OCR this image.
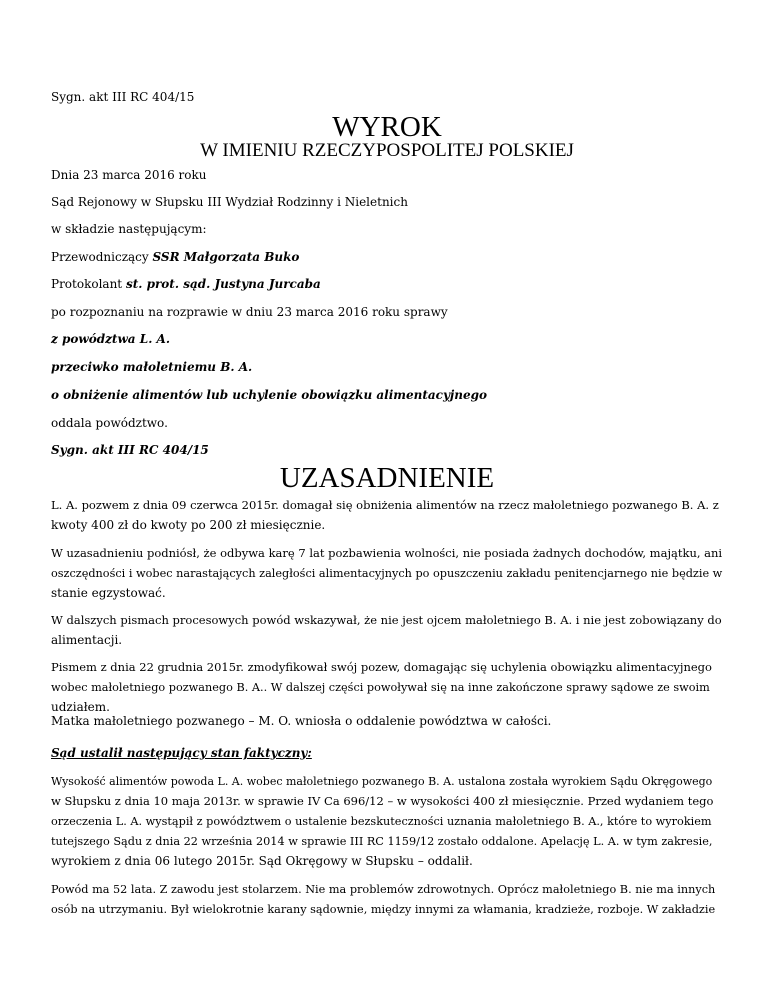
Sygn. akt III RC 404/15
WYROK
W IMIENIU RZECZYPOSPOLITEJ POLSKIEJ
Dnia 23 marca 2016 roku
Sąd Rejonowy w Słupsku III Wydział Rodzinny i Nieletnich
w składzie następującym:
Przewodniczący SSR Małgorzata Buko
Protokolant st. prot. sąd. Justyna Jurcaba
po rozpoznaniu na rozprawie w dniu 23 marca 2016 roku sprawy
z powództwa L. A.
przeciwko małoletniemu B. A.
o obniżenie alimentów lub uchylenie obowiązku alimentacyjnego
oddala powództwo.
Sygn. akt III RC 404/15
UZASADNIENIE
L. A. pozwem z dnia 09 czerwca 2015r. domagał się obniżenia alimentów na rzecz małoletniego pozwanego B. A. z
kwoty 400 zł do kwoty po 200 zł miesięcznie.
W uzasadnieniu podniósł, że odbywa karę 7 lat pozbawienia wolności, nie posiada żadnych dochodów, majątku, ani
oszczędności i wobec narastających zaległości alimentacyjnych po opuszczeniu zakładu penitencjarnego nie będzie w
stanie egzystować.
W dalszych pismach procesowych powód wskazywał, że nie jest ojcem małoletniego B. A. i nie jest zobowiązany do
alimentacji.
Pismem z dnia 22 grudnia 2015r. zmodyfikował swój pozew, domagając się uchylenia obowiązku alimentacyjnego
wobec małoletniego pozwanego B. A.. W dalszej części powoływał się na inne zakończone sprawy sądowe ze swoim
udziałem.
Matka małoletniego pozwanego – M. O. wniosła o oddalenie powództwa w całości.
Sąd ustalił następujący stan faktyczny:
Wysokość alimentów powoda L. A. wobec małoletniego pozwanego B. A. ustalona została wyrokiem Sądu Okręgowego
w Słupsku z dnia 10 maja 2013r. w sprawie IV Ca 696/12 – w wysokości 400 zł miesięcznie. Przed wydaniem tego
orzeczenia L. A. wystąpił z powództwem o ustalenie bezskuteczności uznania małoletniego B. A., które to wyrokiem
tutejszego Sądu z dnia 22 września 2014 w sprawie III RC 1159/12 zostało oddalone. Apelację L. A. w tym zakresie,
wyrokiem z dnia 06 lutego 2015r. Sąd Okręgowy w Słupsku – oddalił.
Powód ma 52 lata. Z zawodu jest stolarzem. Nie ma problemów zdrowotnych. Oprócz małoletniego B. nie ma innych
osób na utrzymaniu. Był wielokrotnie karany sądownie, między innymi za włamania, kradzieże, rozboje. W zakładzie
